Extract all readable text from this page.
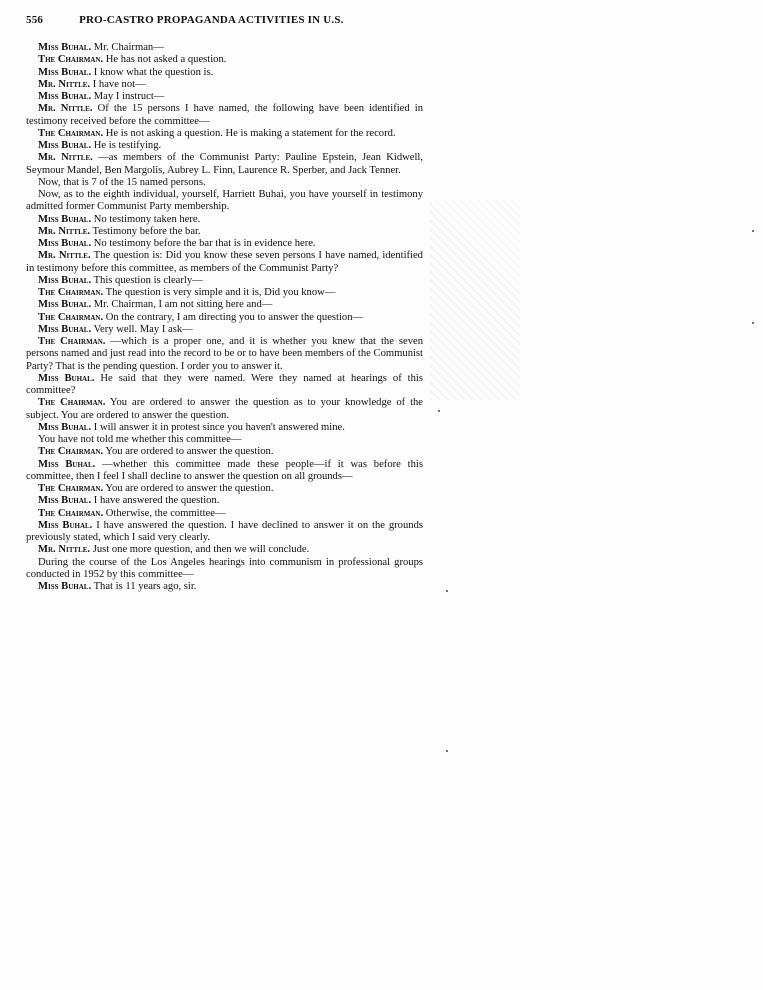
556	PRO-CASTRO PROPAGANDA ACTIVITIES IN U.S.

Miss Buhal. Mr. Chairman—

The Chairman. He has not asked a question.

Miss Buhal. I know what the question is.

Mr. Nittle. I have not—

Miss Buhal. May I instruct—

Mr. Nittle. Of the 15 persons I have named, the following have been identified in testimony received before the committee—

The Chairman. He is not asking a question. He is making a statement for the record.

Miss Buhal. He is testifying.

Mr. Nittle. —as members of the Communist Party: Pauline Epstein, Jean Kidwell, Seymour Mandel, Ben Margolis, Aubrey L. Finn, Laurence R. Sperber, and Jack Tenner.

Now, that is 7 of the 15 named persons.

Now, as to the eighth individual, yourself, Harriett Buhai, you have yourself in testimony admitted former Communist Party membership.

Miss Buhal. No testimony taken here.

Mr. Nittle. Testimony before the bar.

Miss Buhal. No testimony before the bar that is in evidence here.

Mr. Nittle. The question is: Did you know these seven persons I have named, identified in testimony before this committee, as members of the Communist Party?

Miss Buhal. This question is clearly—

The Chairman. The question is very simple and it is, Did you know—

Miss Buhal. Mr. Chairman, I am not sitting here and—

The Chairman. On the contrary, I am directing you to answer the question—

Miss Buhal. Very well. May I ask—

The Chairman. —which is a proper one, and it is whether you knew that the seven persons named and just read into the record to be or to have been members of the Communist Party? That is the pending question. I order you to answer it.

Miss Buhal. He said that they were named. Were they named at hearings of this committee?

The Chairman. You are ordered to answer the question as to your knowledge of the subject. You are ordered to answer the question.

Miss Buhal. I will answer it in protest since you haven't answered mine.

You have not told me whether this committee—

The Chairman. You are ordered to answer the question.

Miss Buhal. —whether this committee made these people—if it was before this committee, then I feel I shall decline to answer the question on all grounds—

The Chairman. You are ordered to answer the question.

Miss Buhal. I have answered the question.

The Chairman. Otherwise, the committee—

Miss Buhal. I have answered the question. I have declined to answer it on the grounds previously stated, which I said very clearly.

Mr. Nittle. Just one more question, and then we will conclude.

During the course of the Los Angeles hearings into communism in professional groups conducted in 1952 by this committee—

Miss Buhal. That is 11 years ago, sir.
